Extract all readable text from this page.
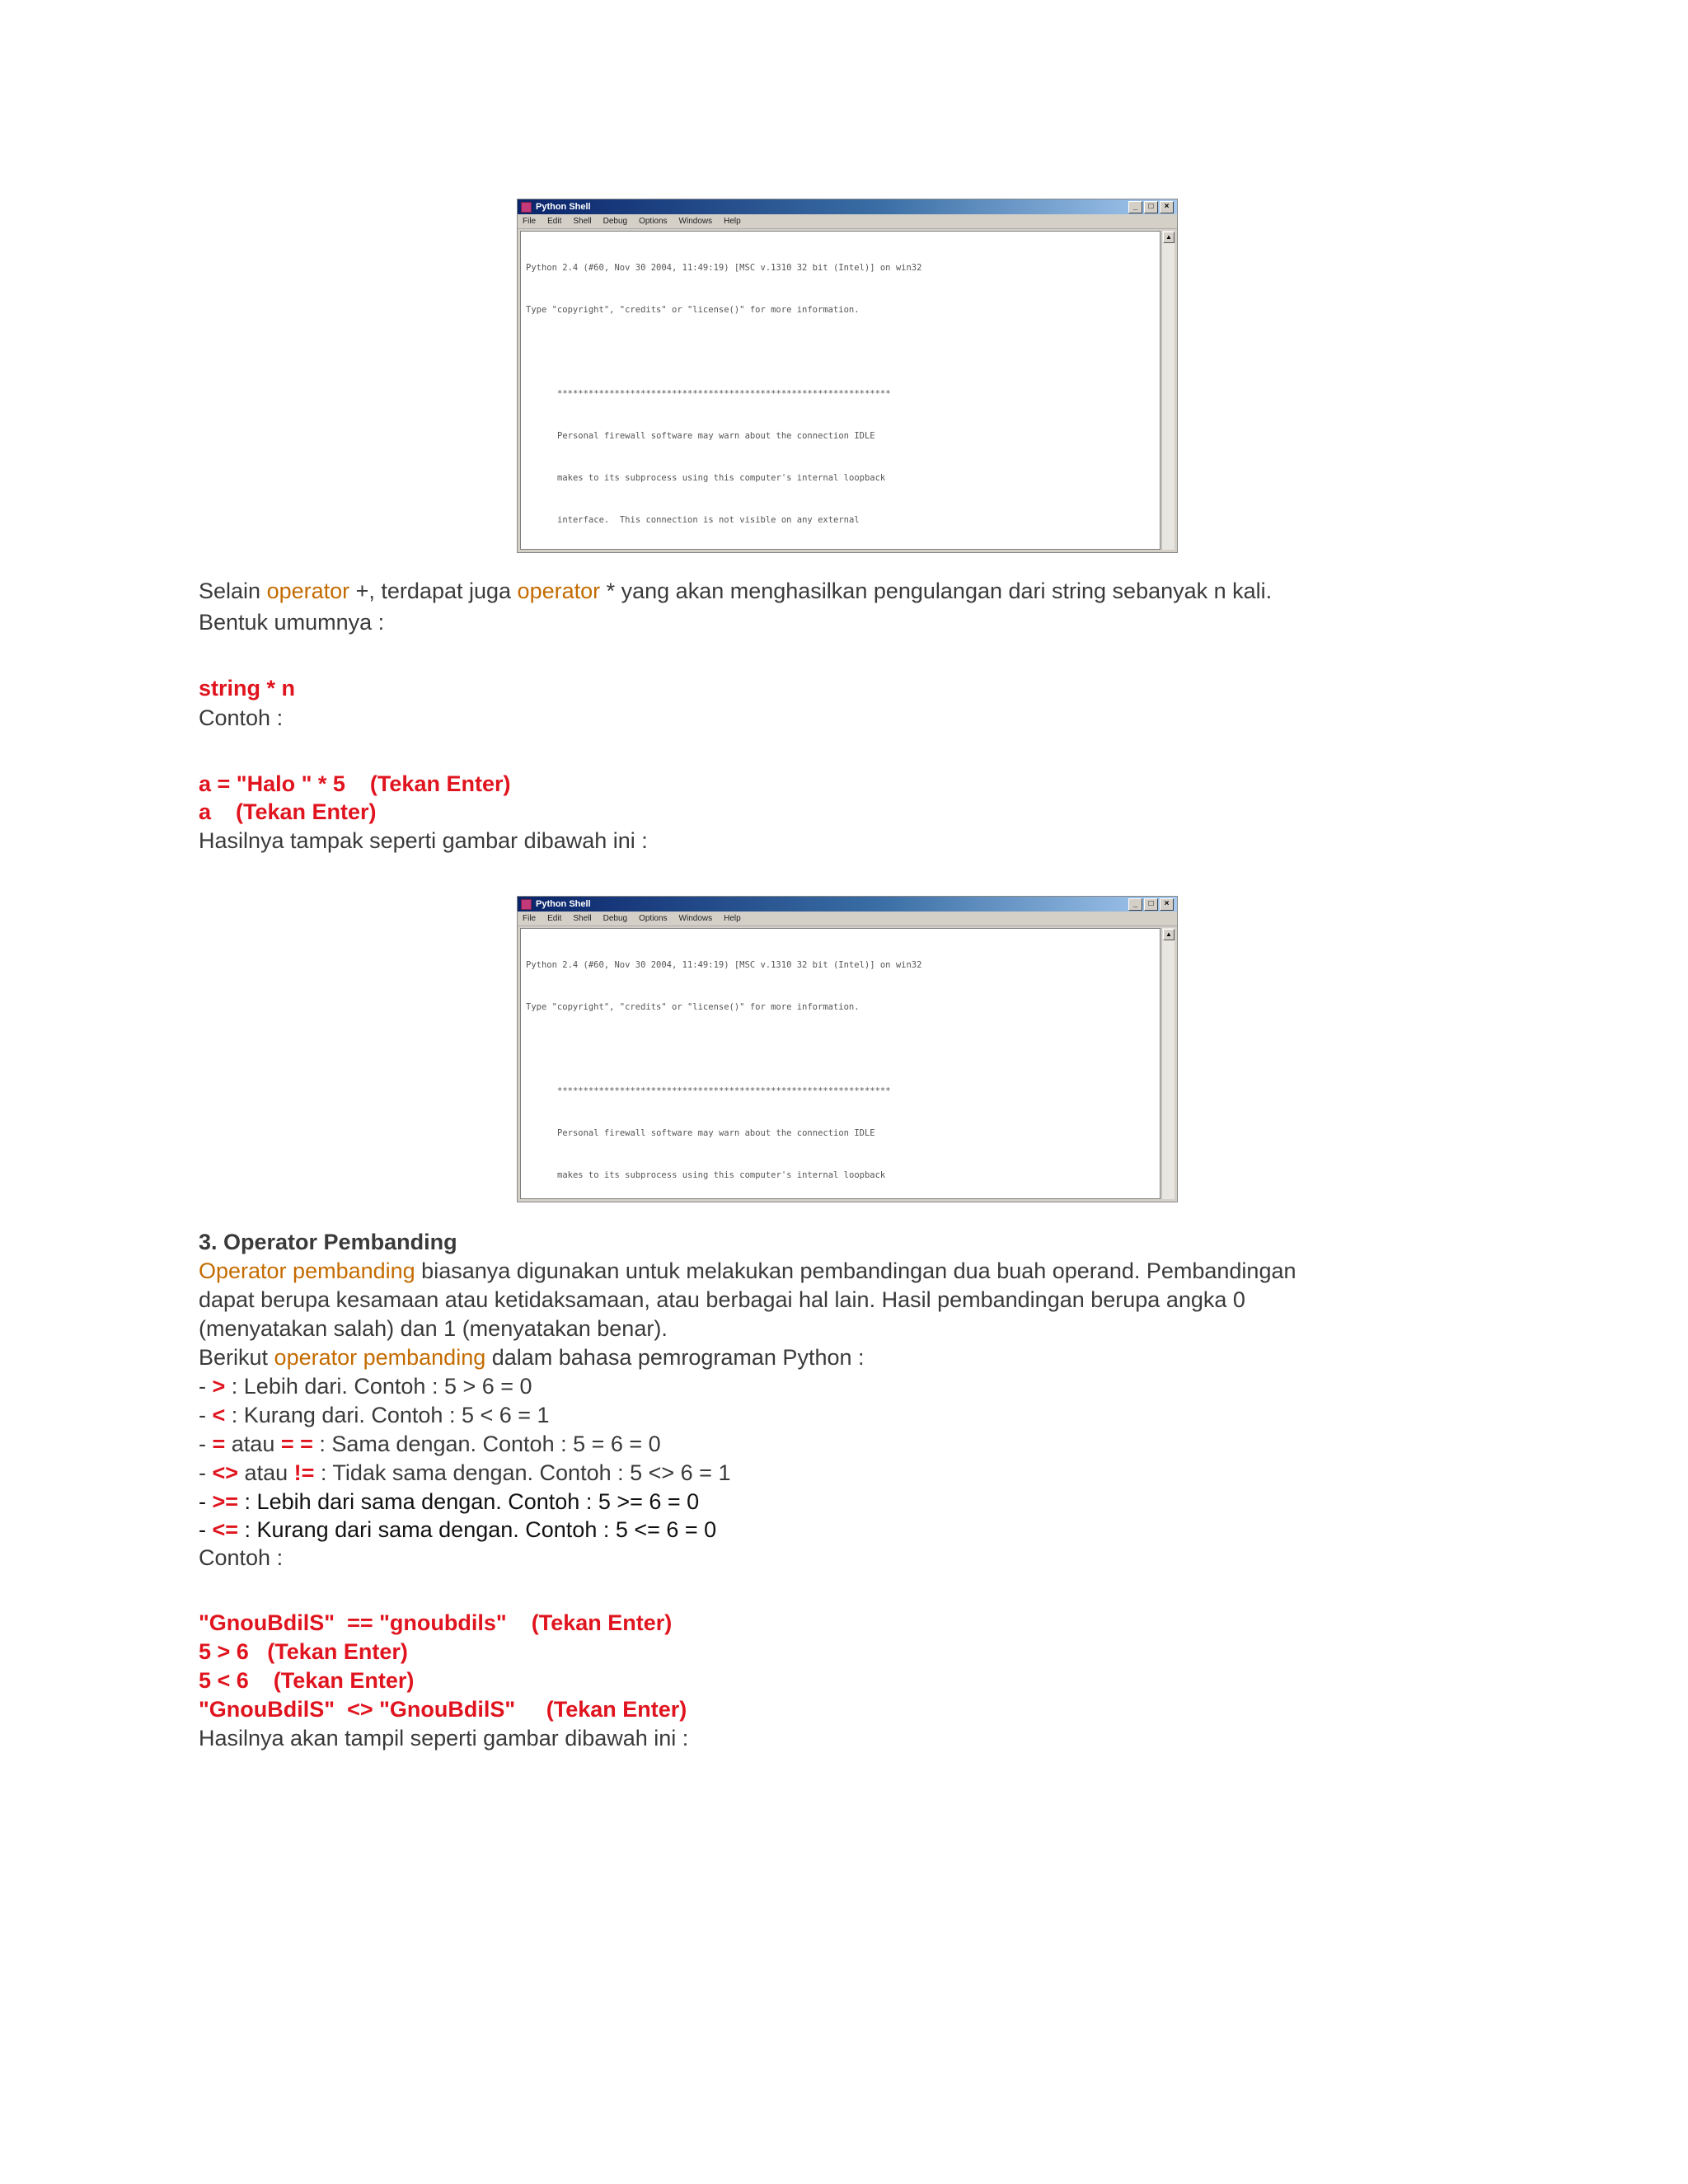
Python Shell	_	□	×
File Edit Shell Debug Options Windows Help

Python 2.4 (#60, Nov 30 2004, 11:49:19) [MSC v.1310 32 bit (Intel)] on win32

Type "copyright", "credits" or "license()" for more information.

****************************************************************

Personal firewall software may warn about the connection IDLE

makes to its subprocess using this computer's internal loopback

interface.  This connection is not visible on any external

▲
Selain operator +, terdapat juga operator * yang akan menghasilkan pengulangan dari string sebanyak n kali.
Bentuk umumnya :
string * n
Contoh :
a = "Halo " * 5    (Tekan Enter)
a    (Tekan Enter)
Hasilnya tampak seperti gambar dibawah ini :
Python Shell	_	□	×
File Edit Shell Debug Options Windows Help

Python 2.4 (#60, Nov 30 2004, 11:49:19) [MSC v.1310 32 bit (Intel)] on win32

Type "copyright", "credits" or "license()" for more information.

****************************************************************

Personal firewall software may warn about the connection IDLE

makes to its subprocess using this computer's internal loopback

▲
3. Operator Pembanding
Operator pembanding biasanya digunakan untuk melakukan pembandingan dua buah operand. Pembandingan
dapat berupa kesamaan atau ketidaksamaan, atau berbagai hal lain. Hasil pembandingan berupa angka 0
(menyatakan salah) dan 1 (menyatakan benar).
Berikut operator pembanding dalam bahasa pemrograman Python :
- > : Lebih dari. Contoh : 5 > 6 = 0
- < : Kurang dari. Contoh : 5 < 6 = 1
- = atau = = : Sama dengan. Contoh : 5 = 6 = 0
- <> atau != : Tidak sama dengan. Contoh : 5 <> 6 = 1
- >= : Lebih dari sama dengan. Contoh : 5 >= 6 = 0
- <= : Kurang dari sama dengan. Contoh : 5 <= 6 = 0
Contoh :
"GnouBdilS"  == "gnoubdils"    (Tekan Enter)
5 > 6   (Tekan Enter)
5 < 6    (Tekan Enter)
"GnouBdilS"  <> "GnouBdilS"     (Tekan Enter)
Hasilnya akan tampil seperti gambar dibawah ini :
